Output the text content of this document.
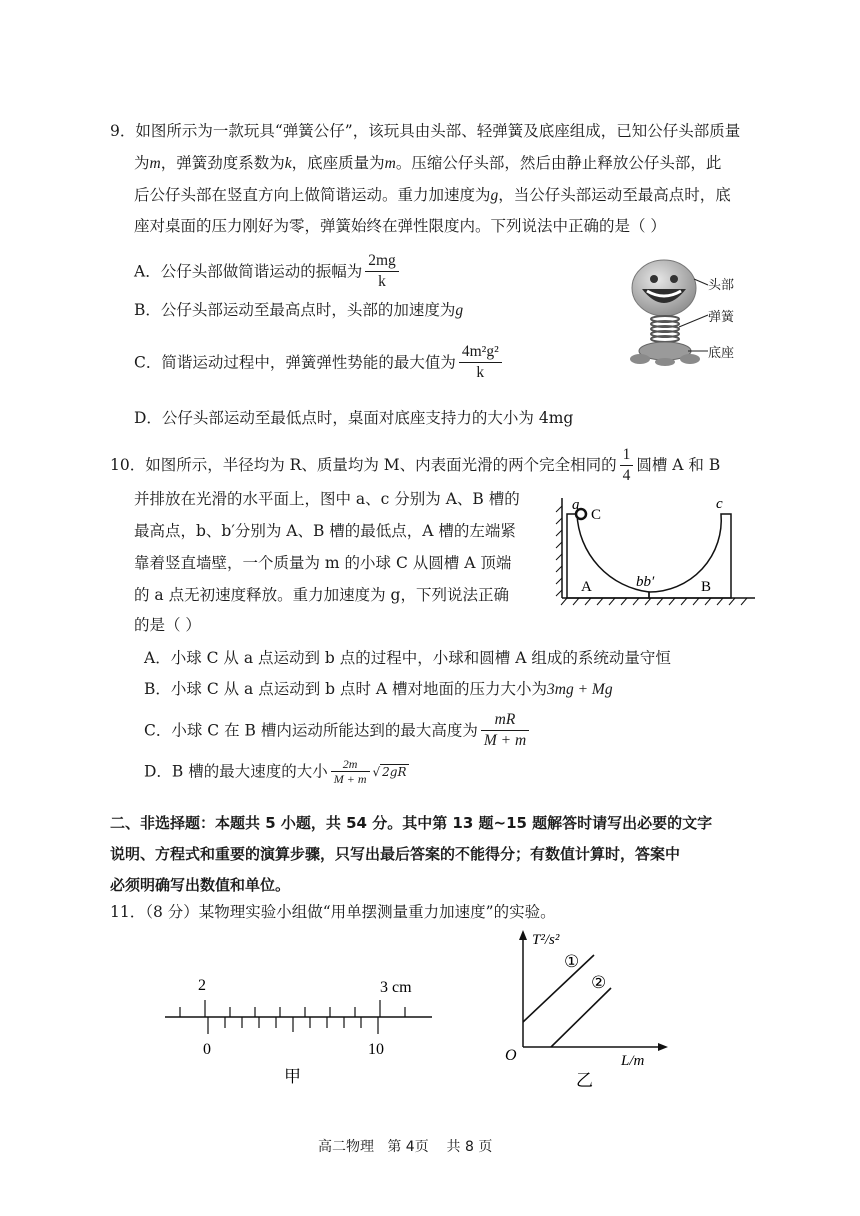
9．如图所示为一款玩具“弹簧公仔”，该玩具由头部、轻弹簧及底座组成，已知公仔头部质量
为m，弹簧劲度系数为k，底座质量为m。压缩公仔头部，然后由静止释放公仔头部，此
后公仔头部在竖直方向上做简谐运动。重力加速度为g，当公仔头部运动至最高点时，底
座对桌面的压力刚好为零，弹簧始终在弹性限度内。下列说法中正确的是（ ）
A．公仔头部做简谐运动的振幅为 $\frac{2mg}{k}$
B．公仔头部运动至最高点时，头部的加速度为g
C．简谐运动过程中，弹簧弹性势能的最大值为 $\frac{\text{4m²g²}}{k}$
D．公仔头部运动至最低点时，桌面对底座支持力的大小为 4mg
头部
弹簧
底座
10．如图所示，半径均为 R、质量均为 M、内表面光滑的两个完全相同的 $\frac{1}{4}$ 圆槽 A 和 B
并排放在光滑的水平面上，图中 a、c 分别为 A、B 槽的
最高点，b、b′分别为 A、B 槽的最低点，A 槽的左端紧
靠着竖直墙壁，一个质量为 m 的小球 C 从圆槽 A 顶端
的 a 点无初速度释放。重力加速度为 g，下列说法正确
的是（ ）
a
C
c
A	bb′	B
A．小球 C 从 a 点运动到 b 点的过程中，小球和圆槽 A 组成的系统动量守恒
B．小球 C 从 a 点运动到 b 点时 A 槽对地面的压力大小为3mg + Mg
C．小球 C 在 B 槽内运动所能达到的最大高度为 $\frac{mR}{M + m}$
D．B 槽的最大速度的大小 $\frac{2m}{M + m}$ √ 2gR
二、非选择题：本题共 5 小题，共 54 分。其中第 13 题~15 题解答时请写出必要的文字
说明、方程式和重要的演算步骤，只写出最后答案的不能得分；有数值计算时，答案中
必须明确写出数值和单位。
11．（8 分）某物理实验小组做“用单摆测量重力加速度”的实验。
2	3 cm
0	10
甲
T²/s²
①
②
O	L/m
乙
高二物理   第 4页    共 8 页
